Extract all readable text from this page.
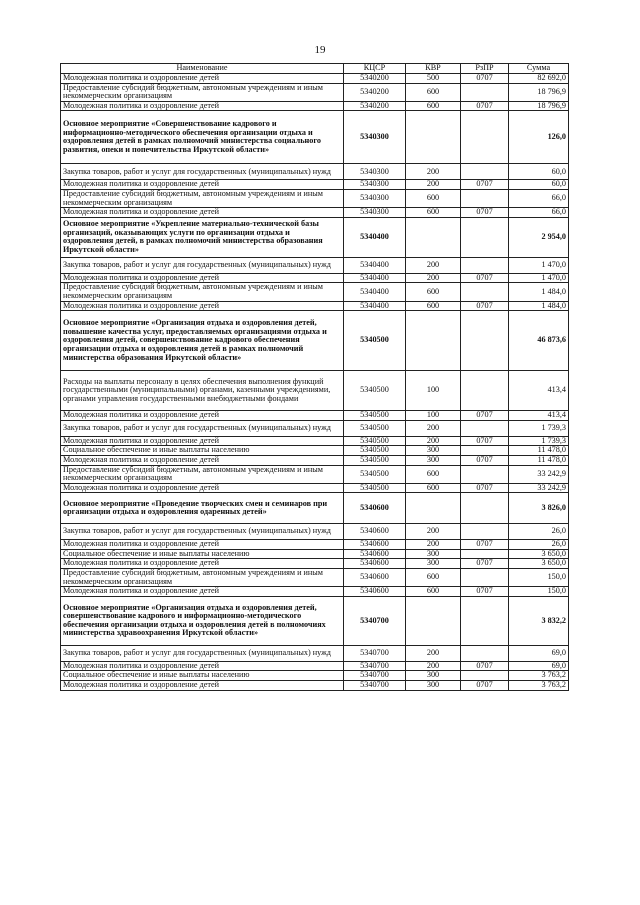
19
Наименование	КЦСР	КВР	РзПР	Сумма
Молодежная политика и оздоровление детей	5340200	500	0707	82 692,0
Предоставление субсидий бюджетным, автономным учреждениям и иным некоммерческим организациям	5340200	600		18 796,9
Молодежная политика и оздоровление детей	5340200	600	0707	18 796,9
Основное мероприятие «Совершенствование кадрового и информационно-методического обеспечения организации отдыха и оздоровления детей в рамках полномочий министерства социального развития, опеки и попечительства Иркутской области»	5340300			126,0
Закупка товаров, работ и услуг для государственных (муниципальных) нужд	5340300	200		60,0
Молодежная политика и оздоровление детей	5340300	200	0707	60,0
Предоставление субсидий бюджетным, автономным учреждениям и иным некоммерческим организациям	5340300	600		66,0
Молодежная политика и оздоровление детей	5340300	600	0707	66,0
Основное мероприятие «Укрепление материально-технической базы организаций, оказывающих услуги по организации отдыха и оздоровления детей, в рамках полномочий министерства образования Иркутской области»	5340400			2 954,0
Закупка товаров, работ и услуг для государственных (муниципальных) нужд	5340400	200		1 470,0
Молодежная политика и оздоровление детей	5340400	200	0707	1 470,0
Предоставление субсидий бюджетным, автономным учреждениям и иным некоммерческим организациям	5340400	600		1 484,0
Молодежная политика и оздоровление детей	5340400	600	0707	1 484,0
Основное мероприятие «Организация отдыха и оздоровления детей, повышение качества услуг, предоставляемых организациями отдыха и оздоровления детей, совершенствование кадрового обеспечения организации отдыха и оздоровления детей в рамках полномочий министерства образования Иркутской области»	5340500			46 873,6
Расходы на выплаты персоналу в целях обеспечения выполнения функций государственными (муниципальными) органами, казенными учреждениями, органами управления государственными внебюджетными фондами	5340500	100		413,4
Молодежная политика и оздоровление детей	5340500	100	0707	413,4
Закупка товаров, работ и услуг для государственных (муниципальных) нужд	5340500	200		1 739,3
Молодежная политика и оздоровление детей	5340500	200	0707	1 739,3
Социальное обеспечение и иные выплаты населению	5340500	300		11 478,0
Молодежная политика и оздоровление детей	5340500	300	0707	11 478,0
Предоставление субсидий бюджетным, автономным учреждениям и иным некоммерческим организациям	5340500	600		33 242,9
Молодежная политика и оздоровление детей	5340500	600	0707	33 242,9
Основное мероприятие «Проведение творческих смен и семинаров при организации отдыха и оздоровления одаренных детей»	5340600			3 826,0
Закупка товаров, работ и услуг для государственных (муниципальных) нужд	5340600	200		26,0
Молодежная политика и оздоровление детей	5340600	200	0707	26,0
Социальное обеспечение и иные выплаты населению	5340600	300		3 650,0
Молодежная политика и оздоровление детей	5340600	300	0707	3 650,0
Предоставление субсидий бюджетным, автономным учреждениям и иным некоммерческим организациям	5340600	600		150,0
Молодежная политика и оздоровление детей	5340600	600	0707	150,0
Основное мероприятие «Организация отдыха и оздоровления детей, совершенствование кадрового и информационно-методического обеспечения организации отдыха и оздоровления детей в полномочиях министерства здравоохранения Иркутской области»	5340700			3 832,2
Закупка товаров, работ и услуг для государственных (муниципальных) нужд	5340700	200		69,0
Молодежная политика и оздоровление детей	5340700	200	0707	69,0
Социальное обеспечение и иные выплаты населению	5340700	300		3 763,2
Молодежная политика и оздоровление детей	5340700	300	0707	3 763,2
